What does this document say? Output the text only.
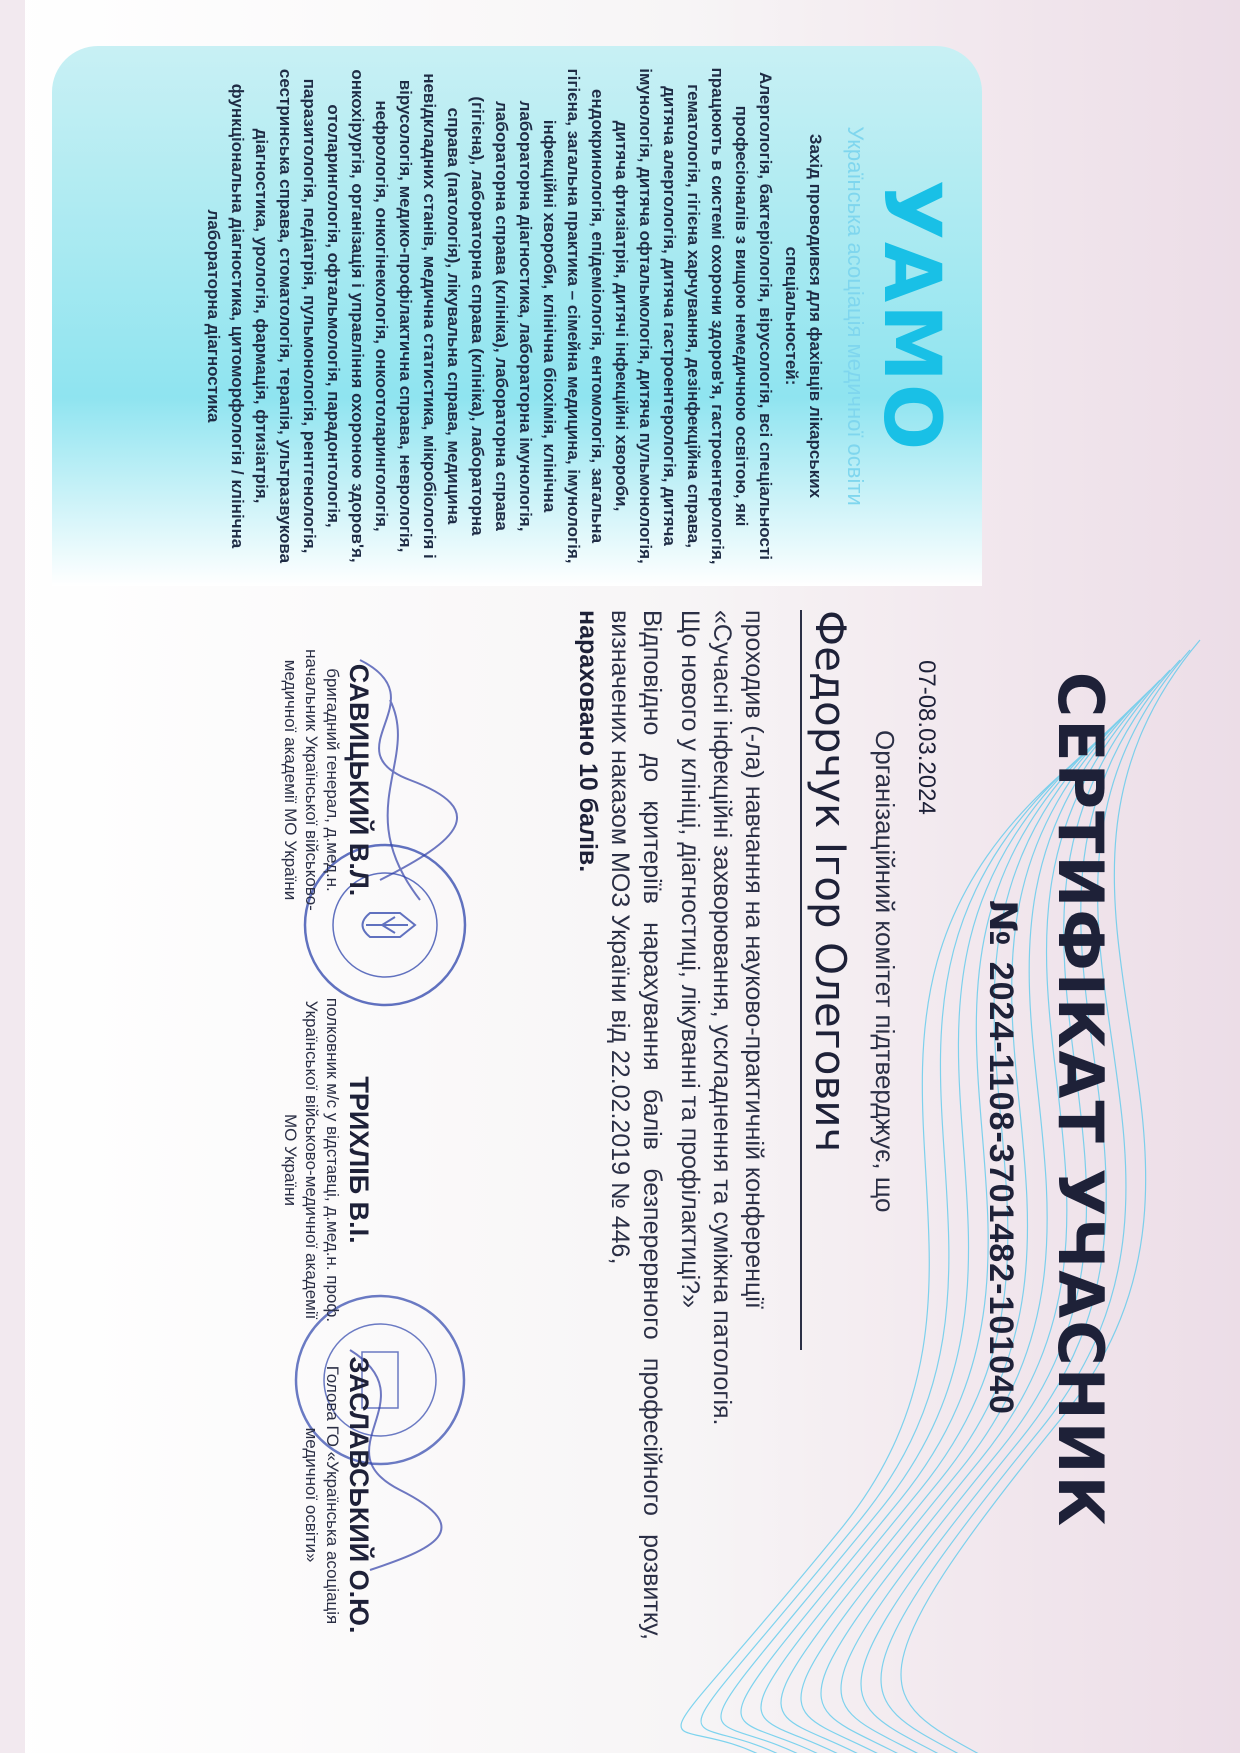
УАМО
Українська асоціація медичної освіти
Захід проводився для фахівців лікарських спеціальностей:
Алергологія, бактеріологія, вірусологія, всі спеціальності професіоналів з вищою немедичною освітою, які працюють в системі охорони здоров'я, гастроентерологія, гематологія, гігієна харчування, дезінфекційна справа, дитяча алергологія, дитяча гастроентерологія, дитяча імунологія, дитяча офтальмологія, дитяча пульмонологія, дитяча фтизіатрія, дитячі інфекційні хвороби, ендокринологія, епідеміологія, ентомологія, загальна гігієна, загальна практика – сімейна медицина, імунологія, інфекційні хвороби, клінічна біохімія, клінічна лабораторна діагностика, лабораторна імунологія, лабораторна справа (клініка), лабораторна справа (гігієна), лабораторна справа (клініка), лабораторна справа (патологія), лікувальна справа, медицина невідкладних станів, медична статистика, мікробіологія і вірусологія, медико-профілактична справа, неврологія, нефрологія, онкогінекологія, онкоотоларингологія, онкохірургія, організація і управління охороною здоров'я, отоларингологія, офтальмологія, парадонтологія, паразитологія, педіатрія, пульмонологія, рентгенологія, сестринська справа, стоматологія, терапія, ультразвукова діагностика, урологія, фармація, фтизіатрія, функціональна діагностика, цитоморфологія / клінічна лабораторна діагностика
СЕРТИФІКАТ УЧАСНИК
№
2024-1108-3701482-101040
07-08.03.2024
Організаційний комітет підтверджує, що
Федорчук Ігор Олегович

проходив (-ла) навчання на науково-практичній конференції

«Сучасні інфекційні захворювання, ускладнення та суміжна патологія.

Що нового у клініці, діагностиці, лікуванні та профілактиці?»

Відповідно до критеріїв нарахування балів безперервного професійного розвитку, визначених наказом МОЗ України від 22.02.2019 № 446,

нараховано 10 балів.

САВИЦЬКИЙ В.Л.
бригадний генерал, д.мед.н. начальник Української військово-медичної академії МО України
ТРИХЛІБ В.І.
полковник м/с у відставці, д.мед.н. проф. Української військово-медичної академії МО України
ЗАСЛАВСЬКИЙ О.Ю.
Голова ГО «Українська асоціація медичної освіти»
